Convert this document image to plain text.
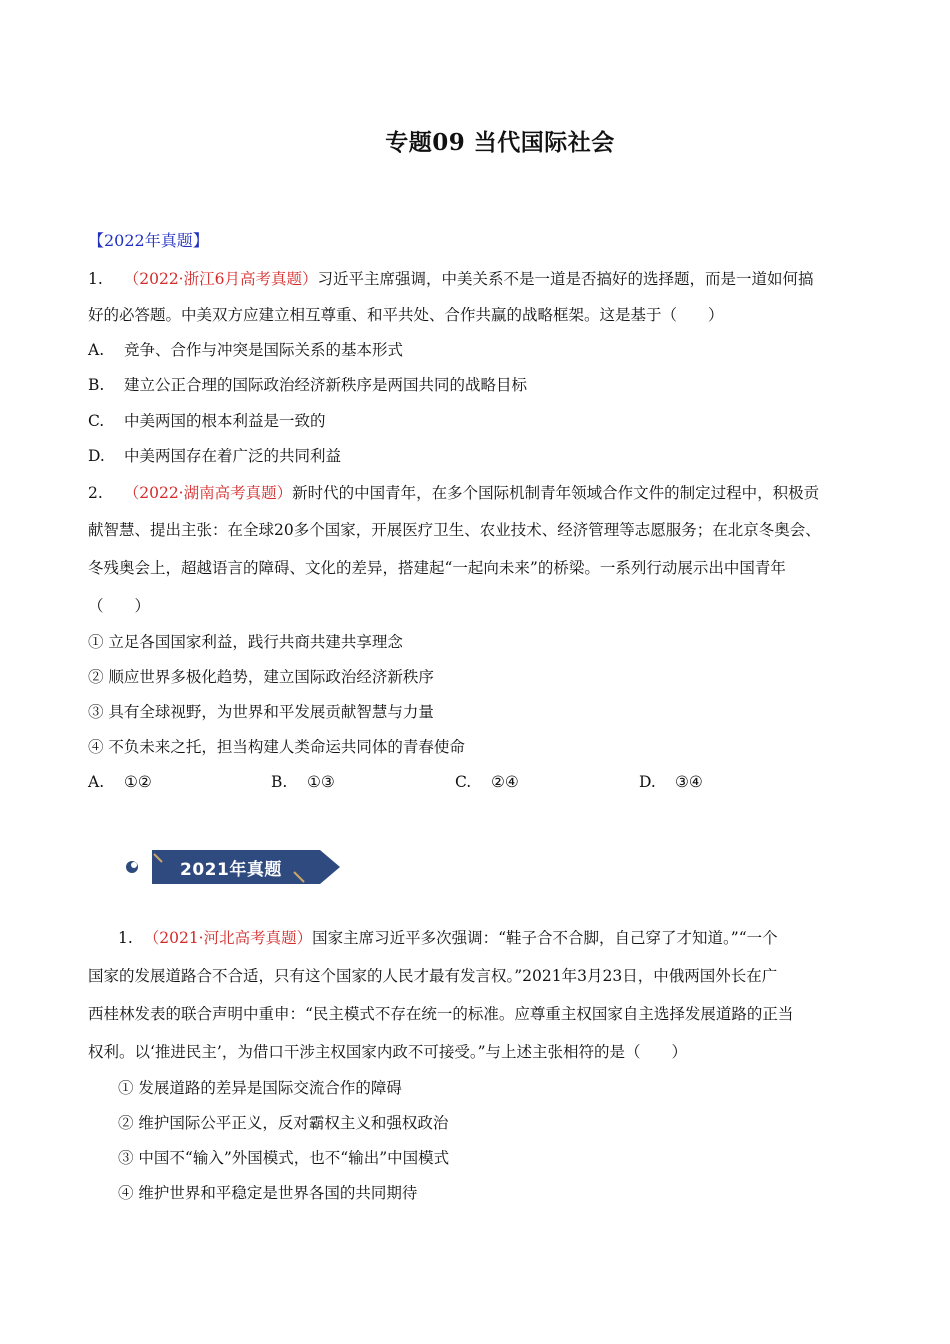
专题09 当代国际社会
【2022年真题】
1. （2022·浙江6月高考真题）习近平主席强调，中美关系不是一道是否搞好的选择题，而是一道如何搞
好的必答题。中美双方应建立相互尊重、和平共处、合作共赢的战略框架。这是基于（　　）
A. 竞争、合作与冲突是国际关系的基本形式
B. 建立公正合理的国际政治经济新秩序是两国共同的战略目标
C. 中美两国的根本利益是一致的
D. 中美两国存在着广泛的共同利益
2. （2022·湖南高考真题）新时代的中国青年，在多个国际机制青年领域合作文件的制定过程中，积极贡
献智慧、提出主张：在全球20多个国家，开展医疗卫生、农业技术、经济管理等志愿服务；在北京冬奥会、
冬残奥会上，超越语言的障碍、文化的差异，搭建起“一起向未来”的桥梁。一系列行动展示出中国青年
（　　）
① 立足各国国家利益，践行共商共建共享理念
② 顺应世界多极化趋势，建立国际政治经济新秩序
③ 具有全球视野，为世界和平发展贡献智慧与力量
④ 不负未来之托，担当构建人类命运共同体的青春使命
A. ①②	B. ①③	C. ②④	D. ③④
2021年真题
1. （2021·河北高考真题）国家主席习近平多次强调：“鞋子合不合脚，自己穿了才知道。”“一个
国家的发展道路合不合适，只有这个国家的人民才最有发言权。”2021年3月23日，中俄两国外长在广
西桂林发表的联合声明中重申：“民主模式不存在统一的标准。应尊重主权国家自主选择发展道路的正当
权利。以‘推进民主’，为借口干涉主权国家内政不可接受。”与上述主张相符的是（　　）
① 发展道路的差异是国际交流合作的障碍
② 维护国际公平正义，反对霸权主义和强权政治
③ 中国不“输入”外国模式，也不“输出”中国模式
④ 维护世界和平稳定是世界各国的共同期待
